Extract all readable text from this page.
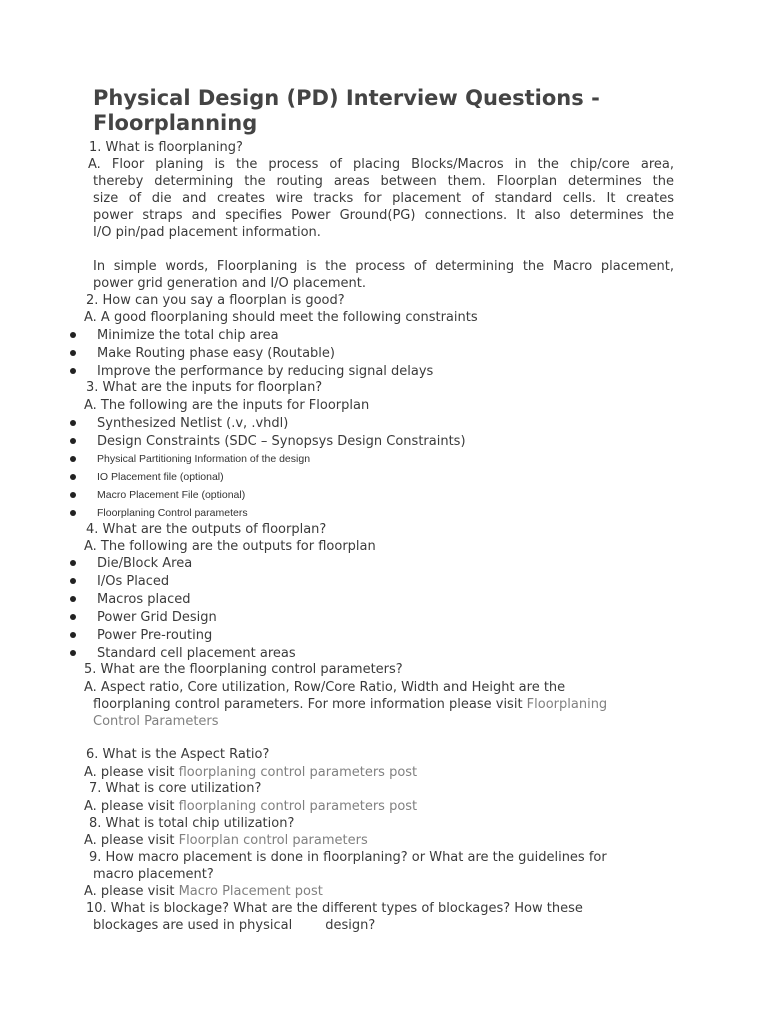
Physical Design (PD) Interview Questions - Floorplanning
1. What is floorplaning?
A. Floor planing is the process of placing Blocks/Macros in the chip/core area,
thereby determining the routing areas between them. Floorplan determines the
size of die and creates wire tracks for placement of standard cells. It creates
power straps and specifies Power Ground(PG) connections. It also determines the
I/O pin/pad placement information.
In simple words, Floorplaning is the process of determining the Macro placement,
power grid generation and I/O placement.
2. How can you say a floorplan is good?
A. A good floorplaning should meet the following constraints
Minimize the total chip area
Make Routing phase easy (Routable)
Improve the performance by reducing signal delays
3. What are the inputs for floorplan?
A. The following are the inputs for Floorplan
Synthesized Netlist (.v, .vhdl)
Design Constraints (SDC – Synopsys Design Constraints)
Physical Partitioning Information of the design
IO Placement file (optional)
Macro Placement File (optional)
Floorplaning Control parameters
4. What are the outputs of floorplan?
A. The following are the outputs for floorplan
Die/Block Area
I/Os Placed
Macros placed
Power Grid Design
Power Pre-routing
Standard cell placement areas
5. What are the floorplaning control parameters?
A. Aspect ratio, Core utilization, Row/Core Ratio, Width and Height are the
floorplaning control parameters. For more information please visit Floorplaning
Control Parameters
6. What is the Aspect Ratio?
A. please visit floorplaning control parameters post
7. What is core utilization?
A. please visit floorplaning control parameters post
8. What is total chip utilization?
A. please visit Floorplan control parameters
9. How macro placement is done in floorplaning? or What are the guidelines for
macro placement?
A. please visit Macro Placement post
10. What is blockage? What are the different types of blockages? How these
blockages are used in physical        design?
